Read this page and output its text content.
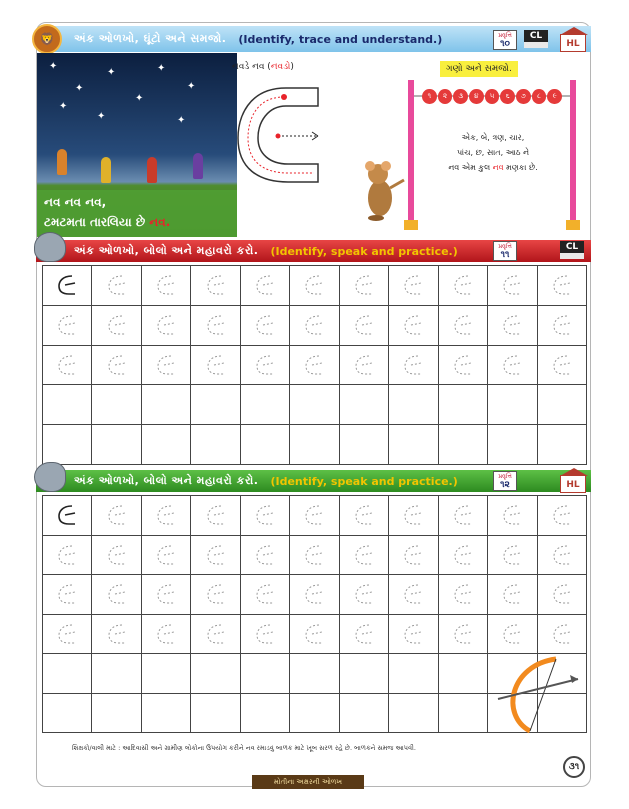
🦁	અંક ઓળખો, ઘૂંટો અને સમજો. (Identify, trace and understand.)	પ્રવૃત્તિ
૧૦
CL
HL
✦
✦
✦
✦
✦
✦
✦
✦
✦
નવ નવ નવ,
ટમટમતા તારલિયા છે નવ.
નવડે નવ (નવડો)	ગણો અને સમજો.
૧	૨	૩	૪	૫	૬	૭	૮	૯
એક, બે, ત્રણ, ચાર,
પાંચ, છ, સાત, આઠ ને
નવ એમ કુલ નવ મણકા છે.
અંક ઓળખો, બોલો અને મહાવરો કરો. (Identify, speak and practice.)	પ્રવૃત્તિ
૧૧
CL
અંક ઓળખો, બોલો અને મહાવરો કરો. (Identify, speak and practice.)	પ્રવૃત્તિ
૧૨	HL
શિક્ષકો/વાલી માટે : આદિવાસી અને ગ્રામીણ લોકોના ઉપયોગ કરીને નવ રમાડવું બાળક માટે ખૂબ સરળ રહે છે. બાળકને સમજ આપવી.
મોતીના અક્ષરની ઓળખ
૩૧
